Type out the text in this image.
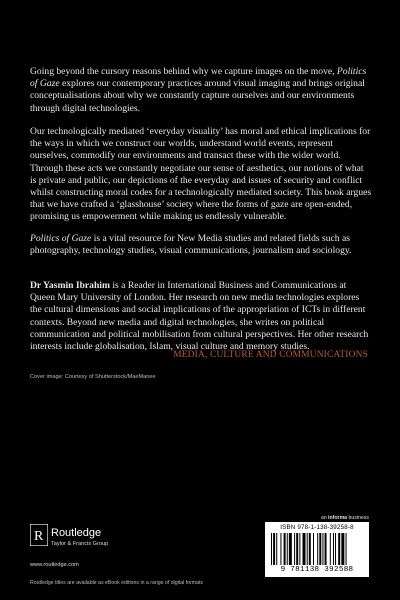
Going beyond the cursory reasons behind why we capture images on the move, Politics of Gaze explores our contemporary practices around visual imaging and brings original conceptualisations about why we constantly capture ourselves and our environments through digital technologies.

Our technologically mediated ‘everyday visuality’ has moral and ethical implications for the ways in which we construct our worlds, understand world events, represent ourselves, commodify our environments and transact these with the wider world. Through these acts we constantly negotiate our sense of aesthetics, our notions of what is private and public, our depictions of the everyday and issues of security and conflict whilst constructing moral codes for a technologically mediated society. This book argues that we have crafted a ‘glasshouse’ society where the forms of gaze are open-ended, promising us empowerment while making us endlessly vulnerable.

Politics of Gaze is a vital resource for New Media studies and related fields such as photography, technology studies, visual communications, journalism and sociology.

Dr Yasmin Ibrahim is a Reader in International Business and Communications at Queen Mary University of London. Her research on new media technologies explores the cultural dimensions and social implications of the appropriation of ICTs in different contexts. Beyond new media and digital technologies, she writes on political communication and political mobilisation from cultural perspectives. Her other research interests include globalisation, Islam, visual culture and memory studies.

MEDIA, CULTURE AND COMMUNICATIONS
Cover image: Courtesy of Shutterstock/MaeManee
an informa business
ISBN 978-1-138-39258-8
9 781138 392588
R Routledge
Taylor & Francis Group
www.routledge.com
Routledge titles are available as eBook editions in a range of digital formats
